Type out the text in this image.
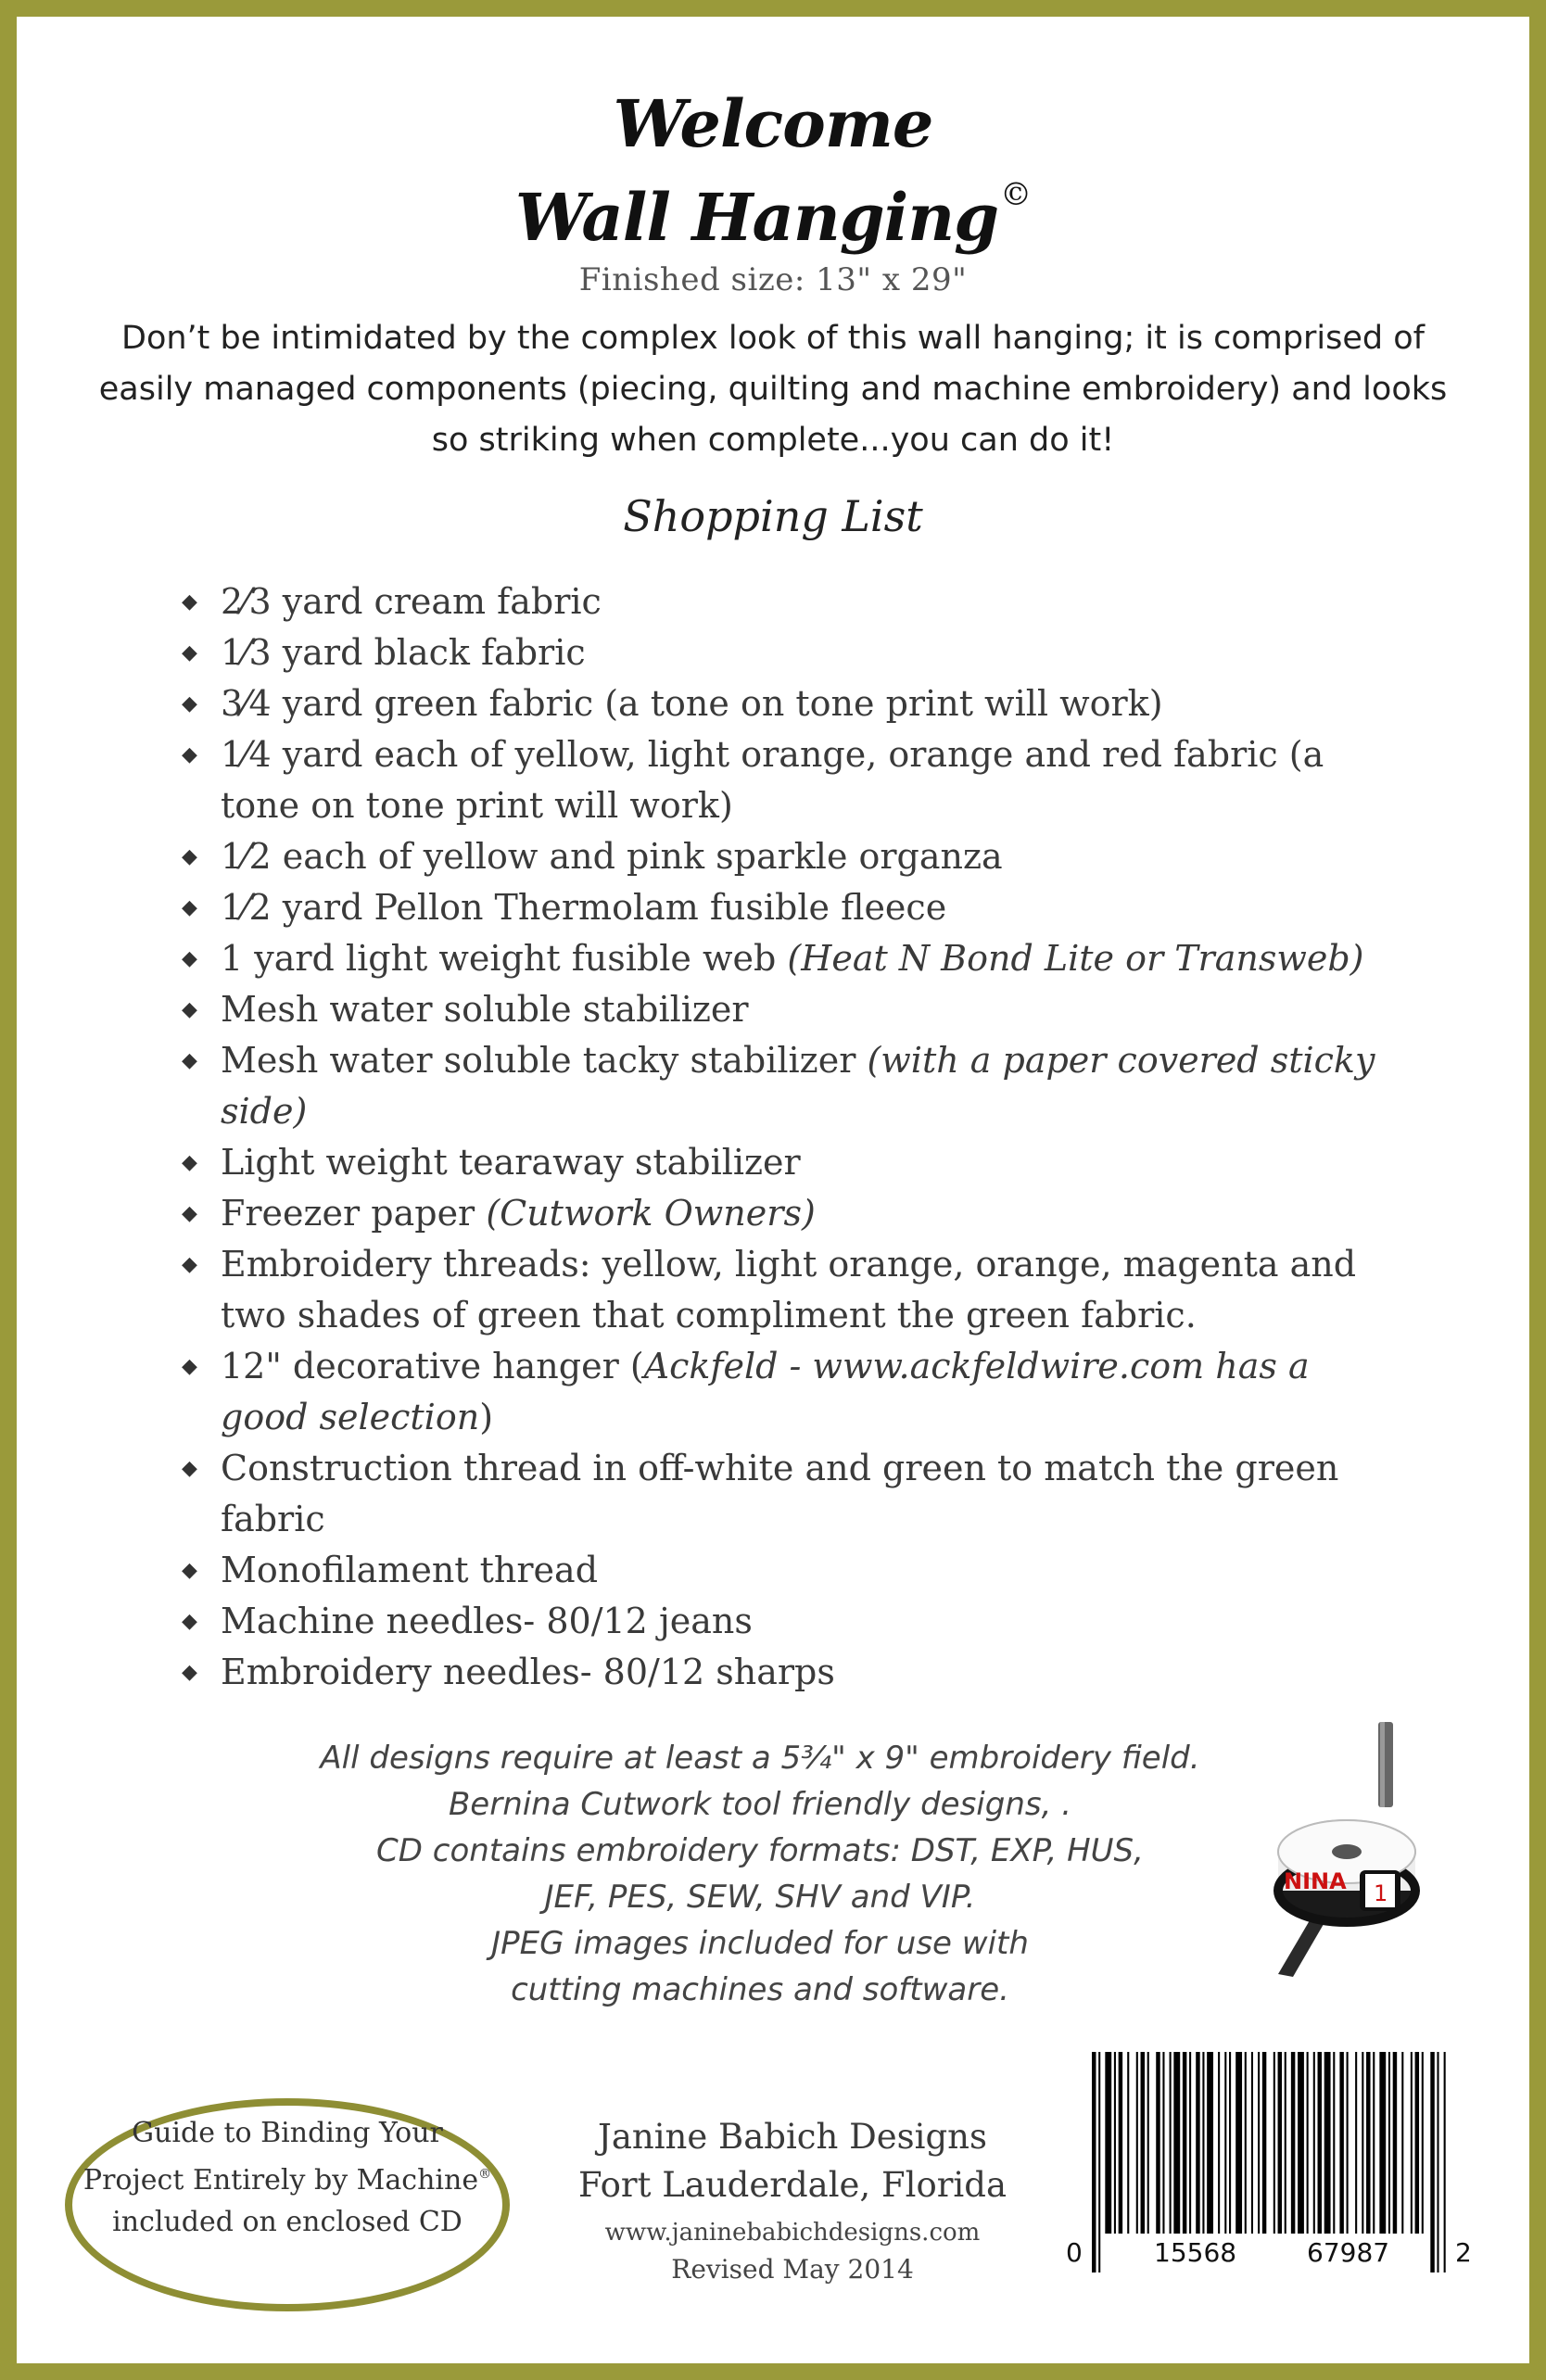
Welcome
Wall Hanging©
Finished size: 13" x 29"
Don’t be intimidated by the complex look of this wall hanging; it is comprised of easily managed components (piecing, quilting and machine embroidery) and looks so striking when complete...you can do it!
Shopping List
◆ 2⁄3 yard cream fabric
◆ 1⁄3 yard black fabric
◆ 3⁄4 yard green fabric (a tone on tone print will work)
◆ 1⁄4 yard each of yellow, light orange, orange and red fabric (a tone on tone print will work)
◆ 1⁄2 each of yellow and pink sparkle organza
◆ 1⁄2 yard Pellon Thermolam fusible fleece
◆ 1 yard light weight fusible web (Heat N Bond Lite or Transweb)
◆ Mesh water soluble stabilizer
◆ Mesh water soluble tacky stabilizer (with a paper covered sticky side)
◆ Light weight tearaway stabilizer
◆ Freezer paper (Cutwork Owners)
◆ Embroidery threads: yellow, light orange, orange, magenta and two shades of green that compliment the green fabric.
◆ 12" decorative hanger (Ackfeld - www.ackfeldwire.com has a good selection)
◆ Construction thread in off-white and green to match the green fabric
◆ Monofilament thread
◆ Machine needles- 80/12 jeans
◆ Embroidery needles- 80/12 sharps
All designs require at least a 5¾" x 9" embroidery field.
Bernina Cutwork tool friendly designs, .
CD contains embroidery formats: DST, EXP, HUS,
JEF, PES, SEW, SHV and VIP.
JPEG images included for use with
cutting machines and software.
NINA 1
Guide to Binding Your
Project Entirely by Machine®
included on enclosed CD
Janine Babich Designs
Fort Lauderdale, Florida
www.janinebabichdesigns.com
Revised May 2014
0	15568	67987	2
